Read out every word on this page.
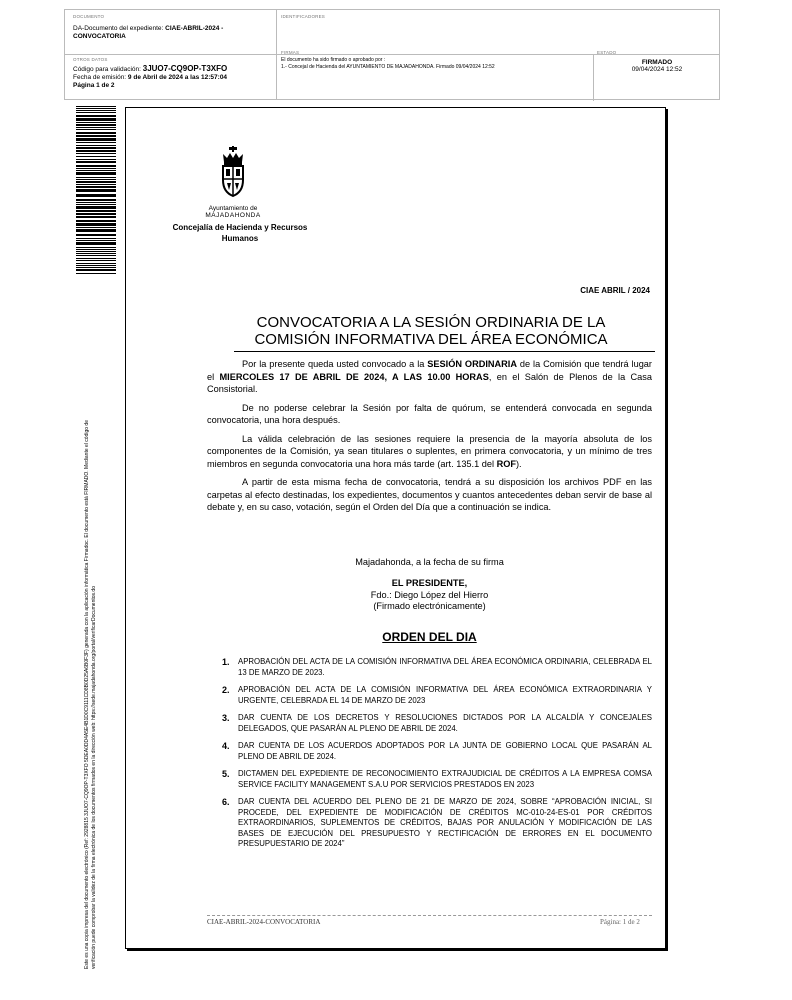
DOCUMENTO
DA-Documento del expediente: CIAE-ABRIL-2024 -CONVOCATORIA
IDENTIFICADORES
OTROS DATOS
Código para validación: 3JUO7-CQ9OP-T3XFO
Fecha de emisión: 9 de Abril de 2024 a las 12:57:04
Página 1 de 2
FIRMAS
El documento ha sido firmado o aprobado por :
1.- Concejal de Hacienda del AYUNTAMIENTO DE MAJADAHONDA. Firmado 09/04/2024 12:52
ESTADO
FIRMADO
09/04/2024 12:52
Este es una copia impresa del documento electrónico (Ref: 2928815 3JUO7-CQ9OP-T3XFO 5DEA0DD4A5E4B1D0C9111CD8B0D25A6B0F3F) generada con la aplicación informática Firmadoc. El documento está FIRMADO. Mediante el código de verificación puede comprobar la validez de la firma electrónica de los documentos firmados en la dirección web: https://sede.majadahonda.org/portal/verificarDocumentos.do
Ayuntamiento de
MAJADAHONDA
Concejalía de Hacienda y Recursos Humanos
CIAE ABRIL / 2024
CONVOCATORIA A LA SESIÓN ORDINARIA DE LA
COMISIÓN INFORMATIVA DEL ÁREA ECONÓMICA

Por la presente queda usted convocado a la SESIÓN ORDINARIA de la Comisión que tendrá lugar el MIERCOLES 17 DE ABRIL DE 2024, A LAS 10.00 HORAS, en el Salón de Plenos de la Casa Consistorial.

De no poderse celebrar la Sesión por falta de quórum, se entenderá convocada en segunda convocatoria, una hora después.

La válida celebración de las sesiones requiere la presencia de la mayoría absoluta de los componentes de la Comisión, ya sean titulares o suplentes, en primera convocatoria, y un mínimo de tres miembros en segunda convocatoria una hora más tarde (art. 135.1 del ROF).

A partir de esta misma fecha de convocatoria, tendrá a su disposición los archivos PDF en las carpetas al efecto destinadas, los expedientes, documentos y cuantos antecedentes deban servir de base al debate y, en su caso, votación, según el Orden del Día que a continuación se indica.

Majadahonda, a la fecha de su firma
EL PRESIDENTE,
Fdo.: Diego López del Hierro
(Firmado electrónicamente)
ORDEN DEL DIA
1. APROBACIÓN DEL ACTA DE LA COMISIÓN INFORMATIVA DEL ÁREA ECONÓMICA ORDINARIA, CELEBRADA EL 13 DE MARZO DE 2023.
2. APROBACIÓN DEL ACTA DE LA COMISIÓN INFORMATIVA DEL ÁREA ECONÓMICA EXTRAORDINARIA Y URGENTE, CELEBRADA EL 14 DE MARZO DE 2023
3. DAR CUENTA DE LOS DECRETOS Y RESOLUCIONES DICTADOS POR LA ALCALDÍA Y CONCEJALES DELEGADOS, QUE PASARÁN AL PLENO DE ABRIL DE 2024.
4. DAR CUENTA DE LOS ACUERDOS ADOPTADOS POR LA JUNTA DE GOBIERNO LOCAL QUE PASARÁN AL PLENO DE ABRIL DE 2024.
5. DICTAMEN DEL EXPEDIENTE DE RECONOCIMIENTO EXTRAJUDICIAL DE CRÉDITOS A LA EMPRESA COMSA SERVICE FACILITY MANAGEMENT S.A.U POR SERVICIOS PRESTADOS EN 2023
6. DAR CUENTA DEL ACUERDO DEL PLENO DE 21 DE MARZO DE 2024, SOBRE “APROBACIÓN INICIAL, SI PROCEDE, DEL EXPEDIENTE DE MODIFICACIÓN DE CRÉDITOS MC-010-24-ES-01 POR CRÉDITOS EXTRAORDINARIOS, SUPLEMENTOS DE CRÉDITOS, BAJAS POR ANULACIÓN Y MODIFICACIÓN DE LAS BASES DE EJECUCIÓN DEL PRESUPUESTO Y RECTIFICACIÓN DE ERRORES EN EL DOCUMENTO PRESUPUESTARIO DE 2024”
CIAE-ABRIL-2024-CONVOCATORIA	Página: 1 de 2
